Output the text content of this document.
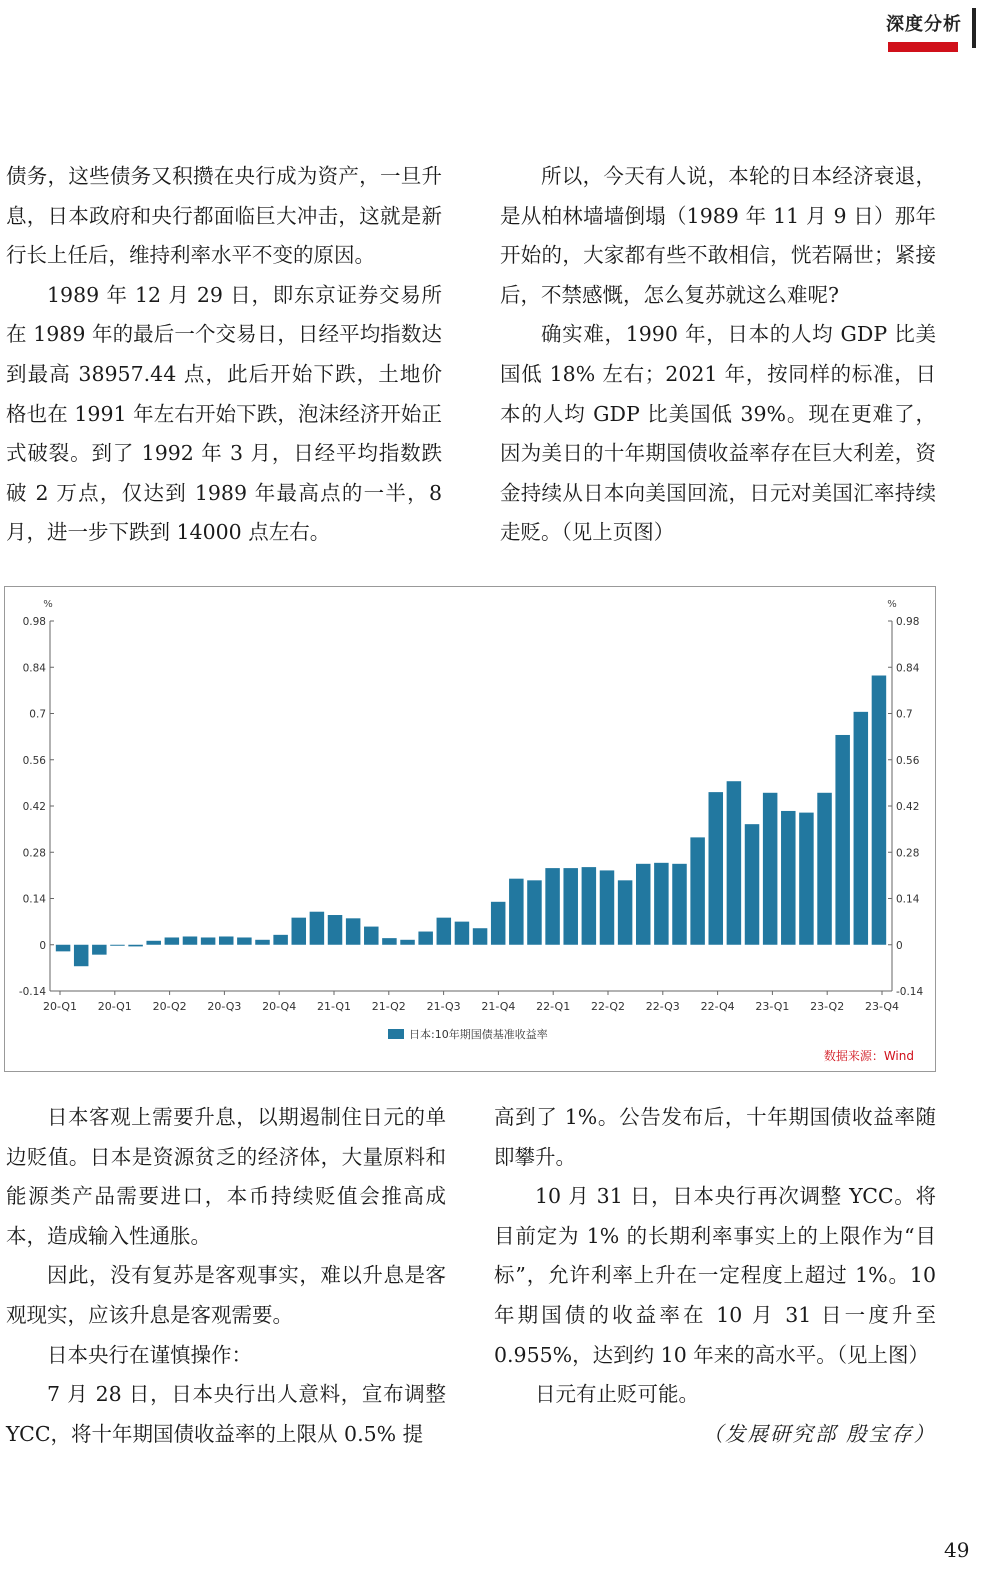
深度分析

债务，这些债务又积攒在央行成为资产，一旦升息，日本政府和央行都面临巨大冲击，这就是新行长上任后，维持利率水平不变的原因。

1989 年 12 月 29 日，即东京证券交易所在 1989 年的最后一个交易日，日经平均指数达到最高 38957.44 点，此后开始下跌，土地价格也在 1991 年左右开始下跌，泡沫经济开始正式破裂。到了 1992 年 3 月，日经平均指数跌破 2 万点，仅达到 1989 年最高点的一半，8 月，进一步下跌到 14000 点左右。

所以，今天有人说，本轮的日本经济衰退，是从柏林墙墙倒塌（1989 年 11 月 9 日）那年开始的，大家都有些不敢相信，恍若隔世；紧接后，不禁感慨，怎么复苏就这么难呢?

确实难，1990 年，日本的人均 GDP 比美国低 18% 左右；2021 年，按同样的标准，日本的人均 GDP 比美国低 39%。现在更难了，因为美日的十年期国债收益率存在巨大利差，资金持续从日本向美国回流，日元对美国汇率持续走贬。（见上页图）

%	%
0.98	0.98
0.84	0.84
0.7	0.7
0.56	0.56
0.42	0.42
0.28	0.28
0.14	0.14
0	0
-0.14	-0.14
20-Q1 20-Q1 20-Q2 20-Q3 20-Q4 21-Q1 21-Q2 21-Q3 21-Q4 22-Q1 22-Q2 22-Q3 22-Q4 23-Q1 23-Q2 23-Q4
日本:10年期国债基准收益率
数据来源：Wind

日本客观上需要升息，以期遏制住日元的单边贬值。日本是资源贫乏的经济体，大量原料和能源类产品需要进口，本币持续贬值会推高成本，造成输入性通胀。

因此，没有复苏是客观事实，难以升息是客观现实，应该升息是客观需要。

日本央行在谨慎操作：

7 月 28 日，日本央行出人意料，宣布调整 YCC，将十年期国债收益率的上限从 0.5% 提

高到了 1%。公告发布后，十年期国债收益率随即攀升。

10 月 31 日，日本央行再次调整 YCC。将目前定为 1% 的长期利率事实上的上限作为“目标”，允许利率上升在一定程度上超过 1%。10 年期国债的收益率在 10 月 31 日一度升至 0.955%，达到约 10 年来的高水平。（见上图）

日元有止贬可能。

（发展研究部 殷宝存）

49
